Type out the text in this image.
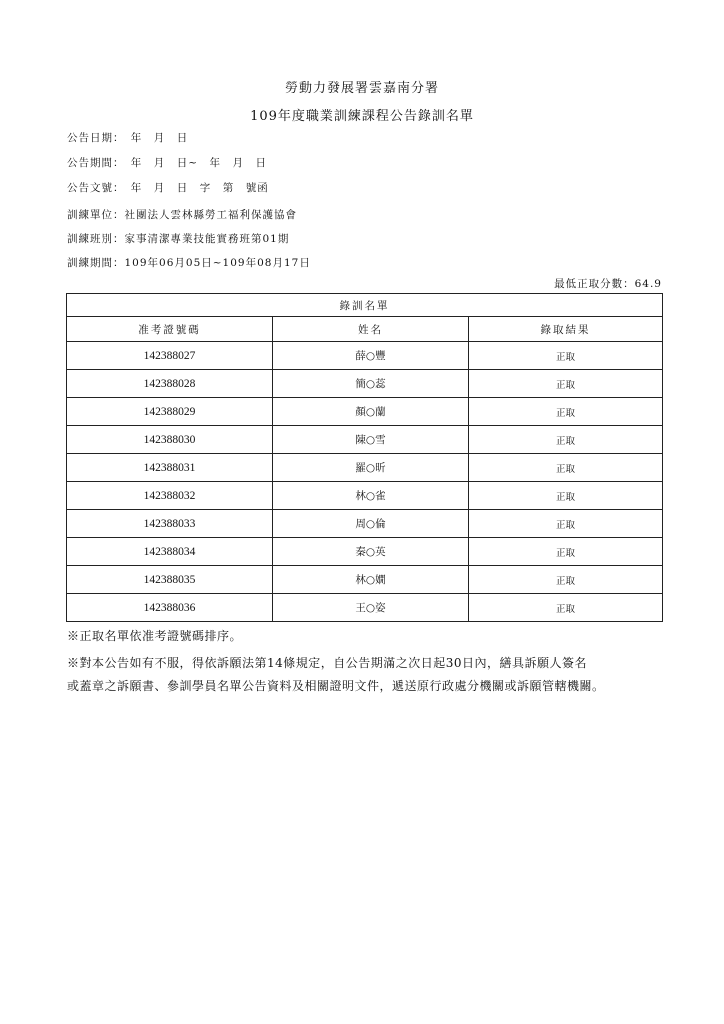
勞動力發展署雲嘉南分署
109年度職業訓練課程公告錄訓名單
公告日期：　年　月　日
公告期間：　年　月　日~　年　月　日
公告文號：　年　月　日　字　第　號函
訓練單位：社團法人雲林縣勞工福利保護協會
訓練班別：家事清潔專業技能實務班第01期
訓練期間：109年06月05日~109年08月17日
最低正取分數：64.9
錄訓名單		
准考證號碼	姓名	錄取結果
142388027	薛○豐	正取
142388028	簡○蕊	正取
142388029	顏○蘭	正取
142388030	陳○雪	正取
142388031	羅○昕	正取
142388032	林○雀	正取
142388033	周○倫	正取
142388034	秦○英	正取
142388035	林○嫺	正取
142388036	王○姿	正取
※正取名單依准考證號碼排序。
※對本公告如有不服，得依訴願法第14條規定，自公告期滿之次日起30日內，繕具訴願人簽名
或蓋章之訴願書、參訓學員名單公告資料及相關證明文件，遞送原行政處分機關或訴願管轄機關。
